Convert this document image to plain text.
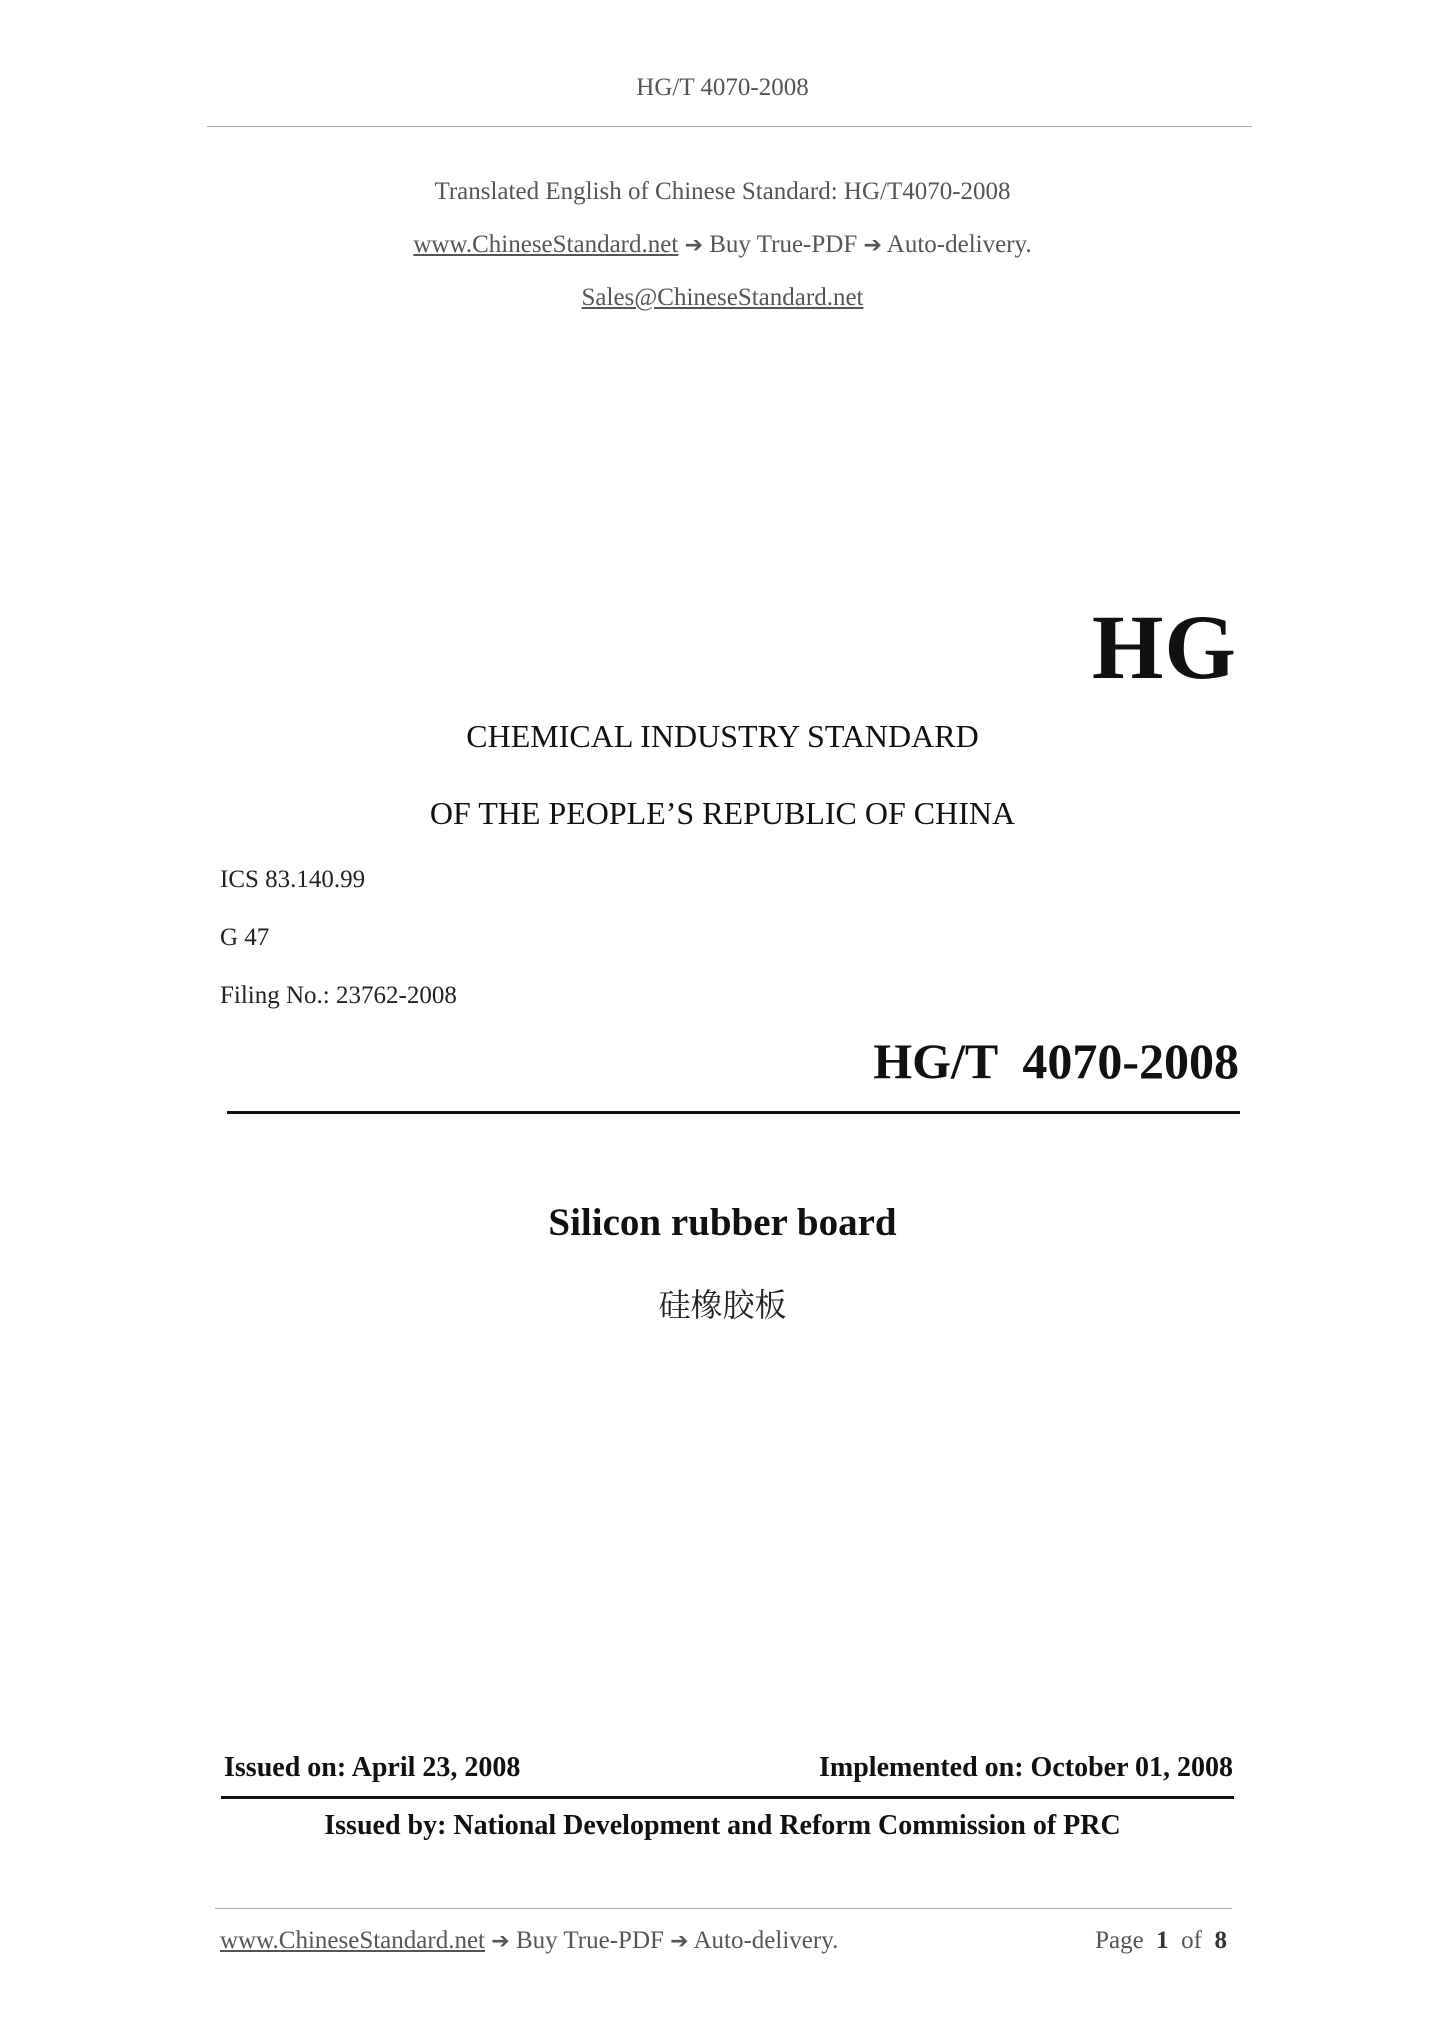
HG/T 4070-2008
Translated English of Chinese Standard: HG/T4070-2008
www.ChineseStandard.net ➔ Buy True-PDF ➔ Auto-delivery.
Sales@ChineseStandard.net
HG
CHEMICAL INDUSTRY STANDARD
OF THE PEOPLE’S REPUBLIC OF CHINA
ICS 83.140.99
G 47
Filing No.: 23762-2008
HG/T  4070-2008
Silicon rubber board
硅橡胶板
Issued on: April 23, 2008	Implemented on: October 01, 2008
Issued by: National Development and Reform Commission of PRC
www.ChineseStandard.net ➔ Buy True-PDF ➔ Auto-delivery.	Page 1 of 8
